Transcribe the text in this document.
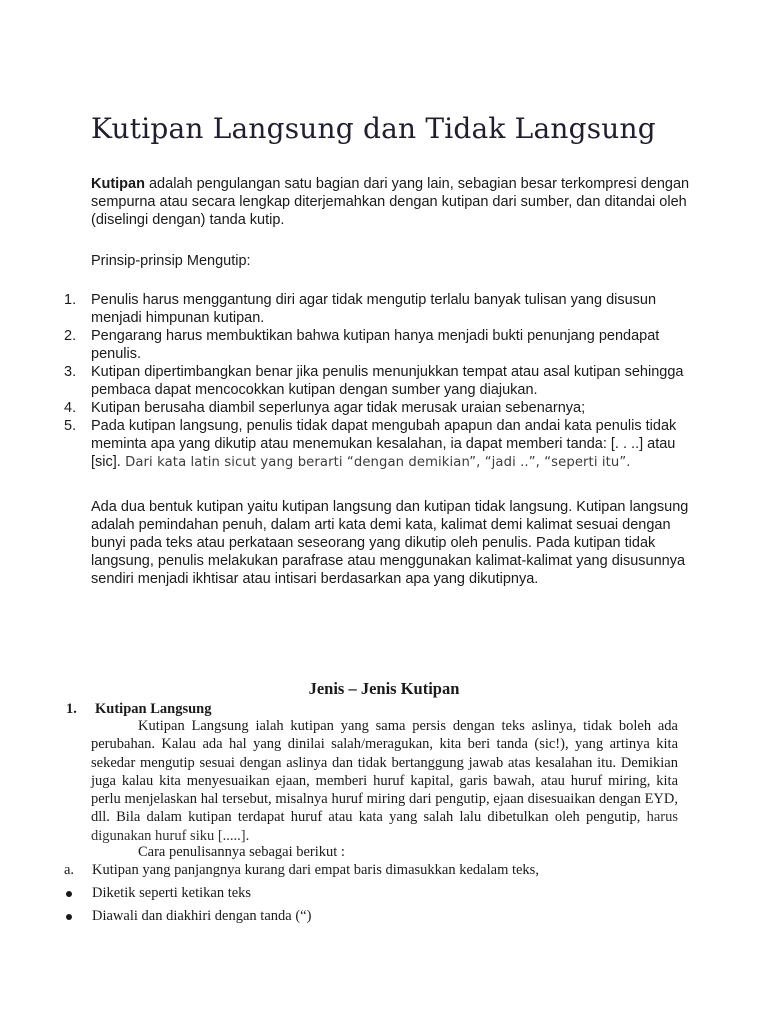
Kutipan Langsung dan Tidak Langsung

Kutipan adalah pengulangan satu bagian dari yang lain, sebagian besar terkompresi dengan sempurna atau secara lengkap diterjemahkan dengan kutipan dari sumber, dan ditandai oleh (diselingi dengan) tanda kutip.

Prinsip-prinsip Mengutip:

1. Penulis harus menggantung diri agar tidak mengutip terlalu banyak tulisan yang disusun menjadi himpunan kutipan.
2. Pengarang harus membuktikan bahwa kutipan hanya menjadi bukti penunjang pendapat penulis.
3. Kutipan dipertimbangkan benar jika penulis menunjukkan tempat atau asal kutipan sehingga pembaca dapat mencocokkan kutipan dengan sumber yang diajukan.
4. Kutipan berusaha diambil seperlunya agar tidak merusak uraian sebenarnya;
5. Pada kutipan langsung, penulis tidak dapat mengubah apapun dan andai kata penulis tidak meminta apa yang dikutip atau menemukan kesalahan, ia dapat memberi tanda: [. . ..] atau [sic]. Dari kata latin sicut yang berarti “dengan demikian”, “jadi ..”, “seperti itu”.

Ada dua bentuk kutipan yaitu kutipan langsung dan kutipan tidak langsung. Kutipan langsung adalah pemindahan penuh, dalam arti kata demi kata, kalimat demi kalimat sesuai dengan bunyi pada teks atau perkataan seseorang yang dikutip oleh penulis. Pada kutipan tidak langsung, penulis melakukan parafrase atau menggunakan kalimat-kalimat yang disusunnya sendiri menjadi ikhtisar atau intisari berdasarkan apa yang dikutipnya.

Jenis – Jenis Kutipan

1. Kutipan Langsung

Kutipan Langsung ialah kutipan yang sama persis dengan teks aslinya, tidak boleh ada perubahan. Kalau ada hal yang dinilai salah/meragukan, kita beri tanda (sic!), yang artinya kita sekedar mengutip sesuai dengan aslinya dan tidak bertanggung jawab atas kesalahan itu. Demikian juga kalau kita menyesuaikan ejaan, memberi huruf kapital, garis bawah, atau huruf miring, kita perlu menjelaskan hal tersebut, misalnya huruf miring dari pengutip, ejaan disesuaikan dengan EYD, dll. Bila dalam kutipan terdapat huruf atau kata yang salah lalu dibetulkan oleh pengutip, harus digunakan huruf siku [.....].

Cara penulisannya sebagai berikut :

a. Kutipan yang panjangnya kurang dari empat baris dimasukkan kedalam teks,
Diketik seperti ketikan teks
Diawali dan diakhiri dengan tanda (“)
